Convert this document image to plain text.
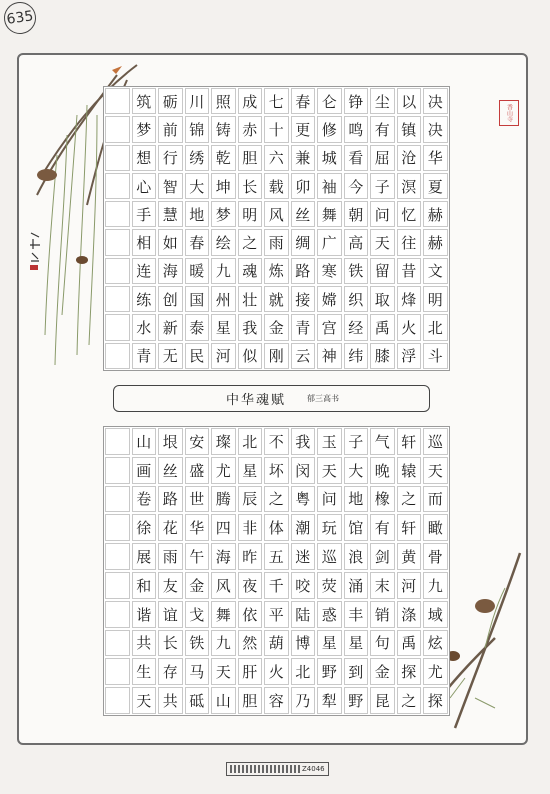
635
香山寺
筑 砺 川 照 成 七 春 仑 铮 尘 以 决
梦 前 锦 铸 赤 十 更 修 鸣 有 镇 决
想 行 绣 乾 胆 六 兼 城 看 屈 沧 华
心 智 大 坤 长 载 卯 袖 今 子 溟 夏
手 慧 地 梦 明 风 丝 舞 朝 问 忆 赫
相 如 春 绘 之 雨 绸 广 高 天 往 赫
连 海 暖 九 魂 炼 路 寒 铁 留 昔 文
练 创 国 州 壮 就 接 嫦 织 取 烽 明
水 新 泰 星 我 金 青 宫 经 禹 火 北
青 无 民 河 似 刚 云 神 纬 膝 浮 斗
中华魂赋	郁三高书
山 垠 安 璨 北 不 我 玉 子 气 轩 巡
画 丝 盛 尤 星 坏 闵 天 大 晚 辕 天
卷 路 世 腾 辰 之 粤 问 地 橡 之 而
徐 花 华 四 非 体 潮 玩 馆 有 轩 瞰
展 雨 午 海 昨 五 迷 巡 浪 剑 黄 骨
和 友 金 风 夜 千 咬 荧 涌 末 河 九
谐 谊 戈 舞 依 平 陆 惑 丰 销 涤 域
共 长 铁 九 然 葫 博 星 星 句 禹 炫
生 存 马 天 肝 火 北 野 到 金 探 尤
天 共 砥 山 胆 容 乃 犁 野 昆 之 探
Z4046
